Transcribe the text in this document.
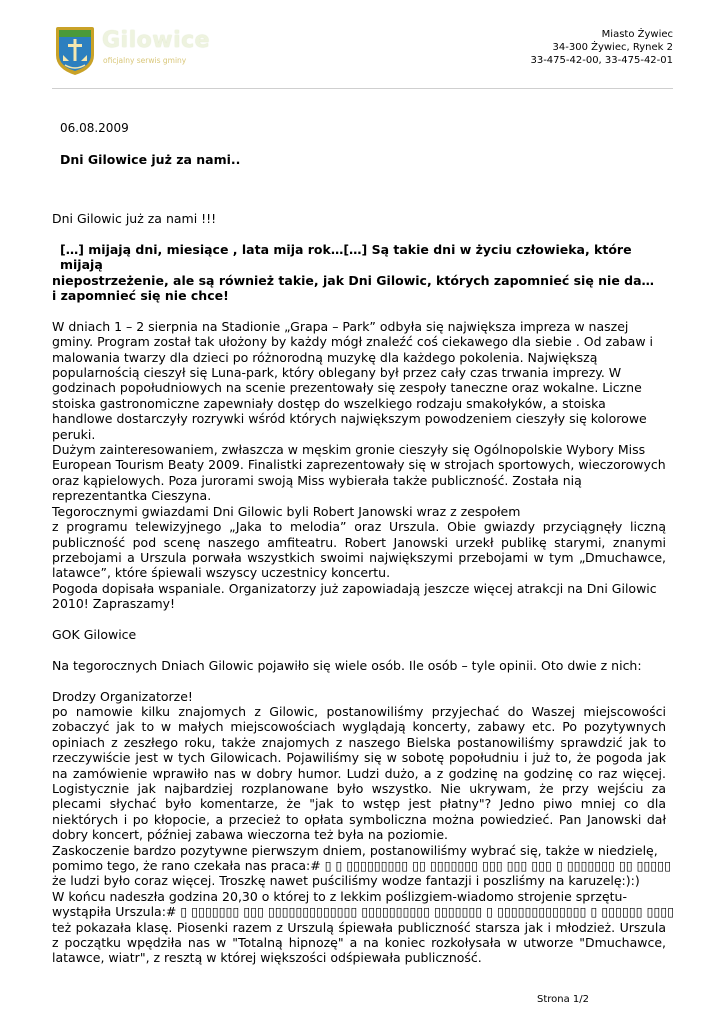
Gilowice
oficjalny serwis gminy
Miasto Żywiec
34-300 Żywiec, Rynek 2
33-475-42-00, 33-475-42-01

06.08.2009

Dni Gilowice już za nami..

Dni Gilowic już za nami !!!

[…] mijają dni, miesiące , lata mija rok…[…] Są takie dni w życiu człowieka, które mijają

niepostrzeżenie, ale są również takie, jak Dni Gilowic, których zapomnieć się nie da…

i zapomnieć się nie chce!

W dniach 1 – 2 sierpnia na Stadionie „Grapa – Park” odbyła się największa impreza w naszej gminy. Program został tak ułożony by każdy mógł znaleźć coś ciekawego dla siebie . Od zabaw i malowania twarzy dla dzieci po różnorodną muzykę dla każdego pokolenia. Największą popularnością cieszył się Luna-park, który oblegany był przez cały czas trwania imprezy. W godzinach popołudniowych na scenie prezentowały się zespoły taneczne oraz wokalne. Liczne stoiska gastronomiczne zapewniały dostęp do wszelkiego rodzaju smakołyków, a stoiska handlowe dostarczyły rozrywki wśród których największym powodzeniem cieszyły się kolorowe peruki.

Dużym zainteresowaniem, zwłaszcza w męskim gronie cieszyły się Ogólnopolskie Wybory Miss European Tourism Beaty 2009. Finalistki zaprezentowały się w strojach sportowych, wieczorowych oraz kąpielowych. Poza jurorami swoją Miss wybierała także publiczność. Została nią reprezentantka Cieszyna.

Tegorocznymi gwiazdami Dni Gilowic byli Robert Janowski wraz z zespołem

z programu telewizyjnego „Jaka to melodia” oraz Urszula. Obie gwiazdy przyciągnęły liczną publiczność pod scenę naszego amfiteatru. Robert Janowski urzekł publikę starymi, znanymi przebojami a Urszula porwała wszystkich swoimi największymi przebojami w tym „Dmuchawce, latawce”, które śpiewali wszyscy uczestnicy koncertu.

Pogoda dopisała wspaniale. Organizatorzy już zapowiadają jeszcze więcej atrakcji na Dni Gilowic 2010! Zapraszamy!

GOK Gilowice

Na tegorocznych Dniach Gilowic pojawiło się wiele osób. Ile osób – tyle opinii. Oto dwie z nich:

Drodzy Organizatorze!

po namowie kilku znajomych z Gilowic, postanowiliśmy przyjechać do Waszej miejscowości zobaczyć jak to w małych miejscowościach wyglądają koncerty, zabawy etc. Po pozytywnych opiniach z zeszłego roku, także znajomych z naszego Bielska postanowiliśmy sprawdzić jak to rzeczywiście jest w tych Gilowicach. Pojawiliśmy się w sobotę popołudniu i już to, że pogoda jak na zamówienie wprawiło nas w dobry humor. Ludzi dużo, a z godzinę na godzinę co raz więcej. Logistycznie jak najbardziej rozplanowane było wszystko. Nie ukrywam, że przy wejściu za plecami słychać było komentarze, że "jak to wstęp jest płatny"? Jedno piwo mniej co dla niektórych i po kłopocie, a przecież to opłata symboliczna można powiedzieć. Pan Janowski dał dobry koncert, później zabawa wieczorna też była na poziomie.

Zaskoczenie bardzo pozytywne pierwszym dniem, postanowiliśmy wybrać się, także w niedzielę,

pomimo tego, że rano czekała nas praca:# ▯ ▯ ▯▯▯▯▯▯▯▯▯ ▯▯ ▯▯▯▯▯▯▯ ▯▯▯ ▯▯▯ ▯▯▯ ▯ ▯▯▯▯▯▯▯ ▯▯ ▯▯▯▯▯

że ludzi było coraz więcej. Troszkę nawet puściliśmy wodze fantazji i poszliśmy na karuzelę:):)

W końcu nadeszła godzina 20,30 o której to z lekkim poślizgiem-wiadomo strojenie sprzętu-

wystąpiła Urszula:# ▯ ▯▯▯▯▯▯▯ ▯▯▯ ▯▯▯▯▯▯▯▯▯▯▯▯▯ ▯▯▯▯▯▯▯▯▯▯ ▯▯▯▯▯▯▯ ▯ ▯▯▯▯▯▯▯▯▯▯▯▯▯ ▯ ▯▯▯▯▯▯ ▯▯▯▯

też pokazała klasę. Piosenki razem z Urszulą śpiewała publiczność starsza jak i młodzież. Urszula z początku wpędziła nas w "Totalną hipnozę" a na koniec rozkołysała w utworze "Dmuchawce, latawce, wiatr", z resztą w której większości odśpiewała publiczność.

Strona 1/2
